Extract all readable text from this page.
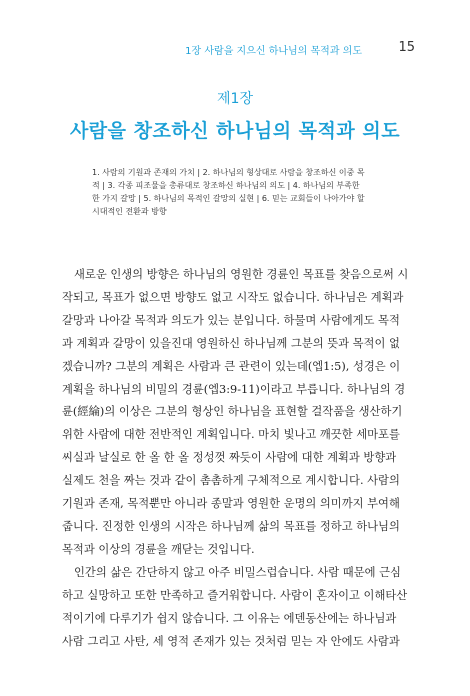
1장 사람을 지으신 하나님의 목적과 의도	15
제1장
사람을 창조하신 하나님의 목적과 의도
1. 사람의 기원과 존재의 가치 | 2. 하나님의 형상대로 사람을 창조하신 이중 목
적 | 3. 각종 피조물을 총류대로 창조하신 하나님의 의도 | 4. 하나님의 부족한
한 가지 갈망 | 5. 하나님의 목적인 갈망의 실현 | 6. 믿는 교회들이 나아가야 할
시대적인 전환과 방향

새로운 인생의 방향은 하나님의 영원한 경륜인 목표를 찾음으로써 시
작되고, 목표가 없으면 방향도 없고 시작도 없습니다. 하나님은 계획과
갈망과 나아갈 목적과 의도가 있는 분입니다. 하물며 사람에게도 목적
과 계획과 갈망이 있을진대 영원하신 하나님께 그분의 뜻과 목적이 없
겠습니까? 그분의 계획은 사람과 큰 관련이 있는데(엡1:5), 성경은 이
계획을 하나님의 비밀의 경륜(엡3:9-11)이라고 부릅니다. 하나님의 경
륜(經綸)의 이상은 그분의 형상인 하나님을 표현할 걸작품을 생산하기
위한 사람에 대한 전반적인 계획입니다. 마치 빛나고 깨끗한 세마포를
씨실과 날실로 한 올 한 올 정성껏 짜듯이 사람에 대한 계획과 방향과
실제도 천을 짜는 것과 같이 촘촘하게 구체적으로 계시합니다. 사람의
기원과 존재, 목적뿐만 아니라 종말과 영원한 운명의 의미까지 부여해
줍니다. 진정한 인생의 시작은 하나님께 삶의 목표를 정하고 하나님의
목적과 이상의 경륜을 깨닫는 것입니다.

인간의 삶은 간단하지 않고 아주 비밀스럽습니다. 사람 때문에 근심
하고 실망하고 또한 만족하고 즐거워합니다. 사람이 혼자이고 이해타산
적이기에 다루기가 쉽지 않습니다. 그 이유는 에덴동산에는 하나님과
사람 그리고 사탄, 세 영적 존재가 있는 것처럼 믿는 자 안에도 사람과
